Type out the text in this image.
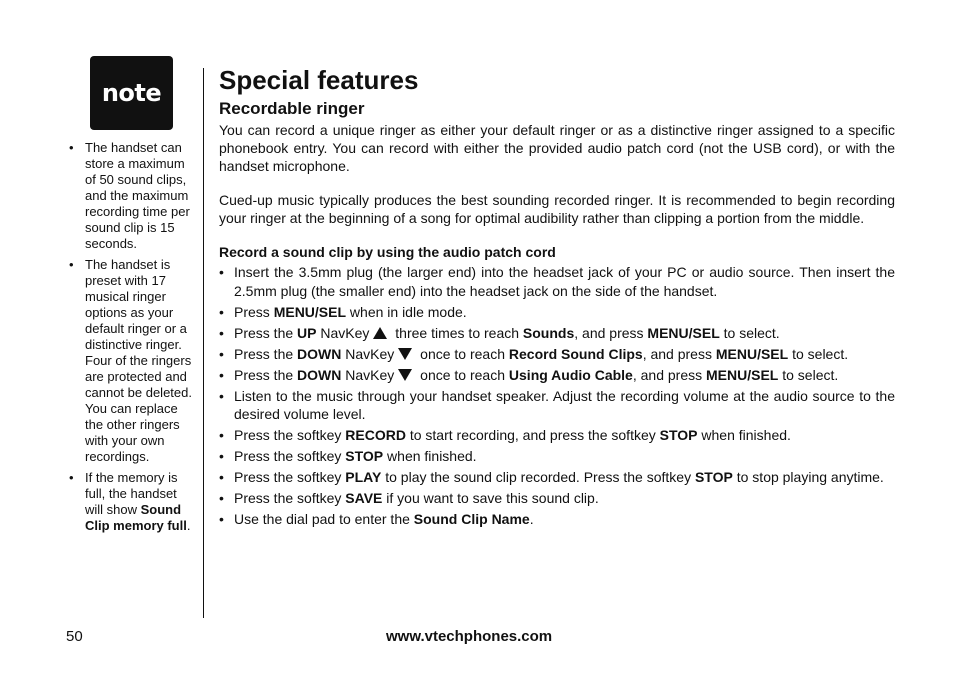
note
• The handset can store a maximum of 50 sound clips, and the maximum recording time per sound clip is 15 seconds.
• The handset is preset with 17 musical ringer options as your default ringer or a distinctive ringer. Four of the ringers are protected and cannot be deleted. You can replace the other ringers with your own recordings.
• If the memory is full, the handset will show Sound Clip memory full.
Special features
Recordable ringer

You can record a unique ringer as either your default ringer or as a distinctive ringer assigned to a specific phonebook entry. You can record with either the provided audio patch cord (not the USB cord), or with the handset microphone.

Cued-up music typically produces the best sounding recorded ringer. It is recommended to begin recording your ringer at the beginning of a song for optimal audibility rather than clipping a portion from the middle.

Record a sound clip by using the audio patch cord
• Insert the 3.5mm plug (the larger end) into the headset jack of your PC or audio source. Then insert the 2.5mm plug (the smaller end) into the headset jack on the side of the handset.
• Press MENU/SEL when in idle mode.
• Press the UP NavKey three times to reach Sounds, and press MENU/SEL to select.
• Press the DOWN NavKey once to reach Record Sound Clips, and press MENU/SEL to select.
• Press the DOWN NavKey once to reach Using Audio Cable, and press MENU/SEL to select.
• Listen to the music through your handset speaker. Adjust the recording volume at the audio source to the desired volume level.
• Press the softkey RECORD to start recording, and press the softkey STOP when finished.
• Press the softkey STOP when finished.
• Press the softkey PLAY to play the sound clip recorded. Press the softkey STOP to stop playing anytime.
• Press the softkey SAVE if you want to save this sound clip.
• Use the dial pad to enter the Sound Clip Name.
50	www.vtechphones.com
